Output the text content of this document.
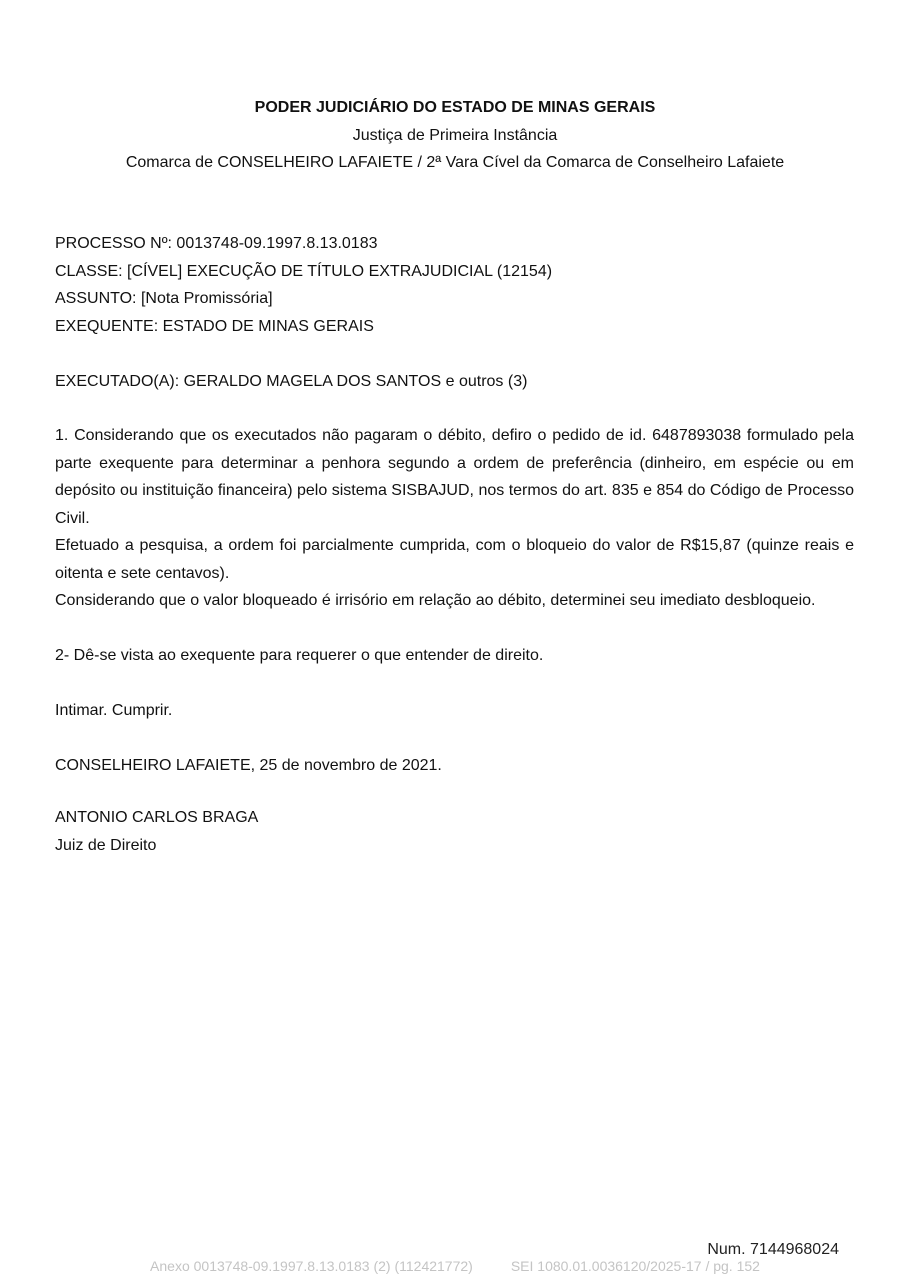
PODER JUDICIÁRIO DO ESTADO DE MINAS GERAIS
Justiça de Primeira Instância
Comarca de CONSELHEIRO LAFAIETE / 2ª Vara Cível da Comarca de Conselheiro Lafaiete
PROCESSO Nº: 0013748-09.1997.8.13.0183
CLASSE: [CÍVEL] EXECUÇÃO DE TÍTULO EXTRAJUDICIAL (12154)
ASSUNTO: [Nota Promissória]
EXEQUENTE: ESTADO DE MINAS GERAIS
EXECUTADO(A): GERALDO MAGELA DOS SANTOS e outros (3)

1. Considerando que os executados não pagaram o débito, defiro o pedido de id. 6487893038 formulado pela parte exequente para determinar a penhora segundo a ordem de preferência (dinheiro, em espécie ou em depósito ou instituição financeira) pelo sistema SISBAJUD, nos termos do art. 835 e 854 do Código de Processo Civil.

Efetuado a pesquisa, a ordem foi parcialmente cumprida, com o bloqueio do valor de R$15,87 (quinze reais e oitenta e sete centavos).

Considerando que o valor bloqueado é irrisório em relação ao débito, determinei seu imediato desbloqueio.

2- Dê-se vista ao exequente para requerer o que entender de direito.

Intimar. Cumprir.

CONSELHEIRO LAFAIETE, 25 de novembro de 2021.

ANTONIO CARLOS BRAGA
Juiz de Direito
Num. 7144968024
Anexo 0013748-09.1997.8.13.0183 (2) (112421772)	SEI 1080.01.0036120/2025-17 / pg. 152
